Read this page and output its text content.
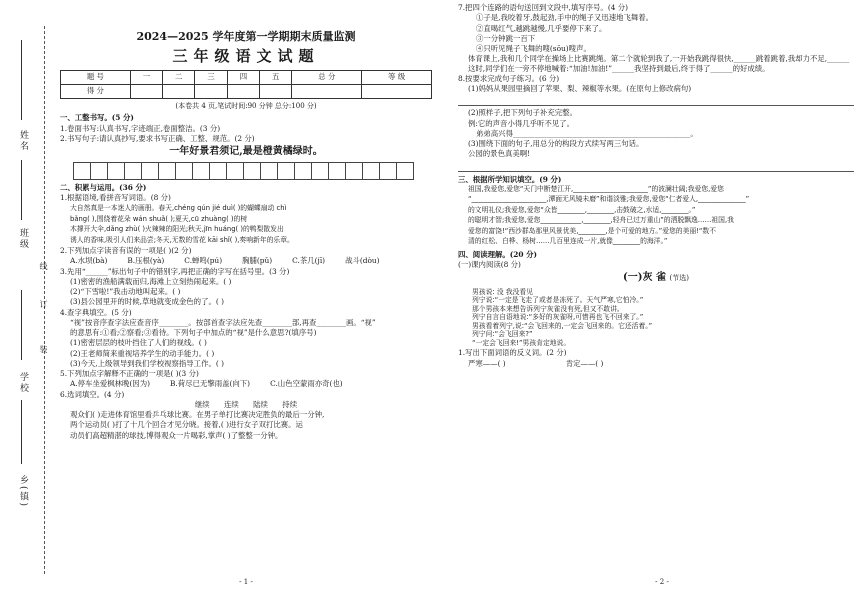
姓名
班级
线
订
装
学校
乡(镇)
2024—2025 学年度第一学期期末质量监测
三年级语文试题
题 号	一	二	三	四	五	总 分	等 级
得 分							
(本卷共 4 页,笔试时间:90 分钟 总分:100 分)
一、工整书写。(5 分)
1.卷面书写:认真书写,字迹端正,卷面整洁。(3 分)
2.书写句子:请认真抄写,要求书写正确、工整、规范。(2 分)
一年好景君须记,最是橙黄橘绿时。
二、积累与运用。(36 分)
1.根据语境,看拼音写词语。(8 分)
大自然真是一本迷人的画册。春天,chéng qún jié duì( )的蝴蝶扇动 chì
bǎng( ),围绕着花朵 wán shuǎ( );夏天,cū zhuàng( )的树
木撑开大伞,dǎng zhù( )火辣辣的阳光;秋天,jīn huáng( )的鸭梨散发出
诱人的香味,吸引人们来品尝;冬天,无数的雪花 kāi shǐ( ),奏响新年的乐章。
2.下列加点字读音有误的一项是( )(2 分)
A.水坝(bà)	B.压根(yà)	C.蝉鸣(pú)	胸脯(pǔ)	C.茶几(jī)	战斗(dòu)
3.先用“______”标出句子中的错别字,再把正确的字写在括号里。(3 分)
(1)密密的渔船满载而归,海滩上立刻热闹起来。( )
(2)“下雪啦!”我击动地叫起来。( )
(3)县公园里开的时候,草地就变成金色的了。( )
4.查字典填空。(5 分)
“视”按音序查字法应查音序________。按部首查字法应先查________部,再查________画。“视”
的意思有:①看;②察看;③看待。下列句子中加点的“视”是什么意思?(填序号)
(1)密密层层的枝叶挡住了人们的视线。( )
(2)王老师简来重视培养学生的动手能力。( )
(3)今天,上级领导到我们学校视察指导工作。( )
5.下列加点字解释不正确的一项是( )(3 分)
A.停车坐爱枫林晚(因为)	B.荷尽已无擎雨盖(向下)	C.山色空蒙雨亦奇(也)
6.选词填空。(4 分)
继续 连续 陆续 持续
观众们( )走进体育馆里看乒乓球比赛。在男子单打比赛决定胜负的最后一分钟,
两个运动员( )打了十几个回合才见分晓。接着,( )进行女子双打比赛。运
动员们高超精湛的球技,博得观众一片喝彩,掌声( )了整整一分钟。
- 1 -
7.把四个连路的语句送回到文段中,填写序号。(4 分)
①子是,我咬着牙,鼓起劲,手中的绳子又迅速地飞舞着。
②直喝红气,越跳越慢,几乎要停下来了。
③一分钟跳一百下
④只听见绳子飞舞的嗖(sōu)嗖声。
体育课上,我和几个同学在操场上比赛跳绳。第二个就轮到我了,一开始我跳得很快,______跳着跳着,我却力不足,______这时,同学们在一旁不停地喊着:“加油!加油!”______我坚持到最后,终于得了______的好成绩。
8.按要求完成句子练习。(6 分)
(1)妈妈从果园里摘回了苹果、梨、辣椒等水果。(在原句上修改病句)
(2)照样子,把下列句子补充完整。
例:它的声音小得几乎听不见了。
弟弟高兴得________________________________________________。
(3)围绕下面的句子,用总分的构段方式续写两三句话。
公园的景色真美啊!
三、根据所学知识填空。(9 分)
祖国,我爱您,爱您“天门中断楚江开,______________________”的波澜壮阔;我爱您,爱您
“______________________,潭面无风镜未磨”和谐淡雅;我爱您,爱您“仁者爱人,______________”
的文明礼仪;我爱您,爱您“众皆________,________,击鼓破之,水适,________。”
的聪明才智;我爱您,爱您____________,________,轻舟已过万重山”的洒脱飘逸……祖国,我
爱您的富饶!“西沙群岛那里风景优美,________,是个可爱的地方。”爱您的美丽!“数不
清的红松、白桦、杨树……几百里连成一片,就像________的海洋。”
四、阅读理解。(20 分)
(一)课内阅读(8 分)
(一)灰 雀 (节选)
男孩说: 没 我没看见
列宁说:“一定是飞走了或者是冻死了。天气严寒,它怕冷。”
那个男孩本来想告诉列宁灰雀没有死,但又不敢讲。
列宁自言自语地说:“多好的灰雀呀,可惜再也飞不回来了。”
男孩看着列宁,说:“会飞回来的,一定会飞回来的。它还活着。”
列宁问:“会飞回来?”
“一定会飞回来!”男孩肯定地说。
1.写出下面词语的反义词。(2 分)
严寒——( )	肯定——( )
- 2 -
